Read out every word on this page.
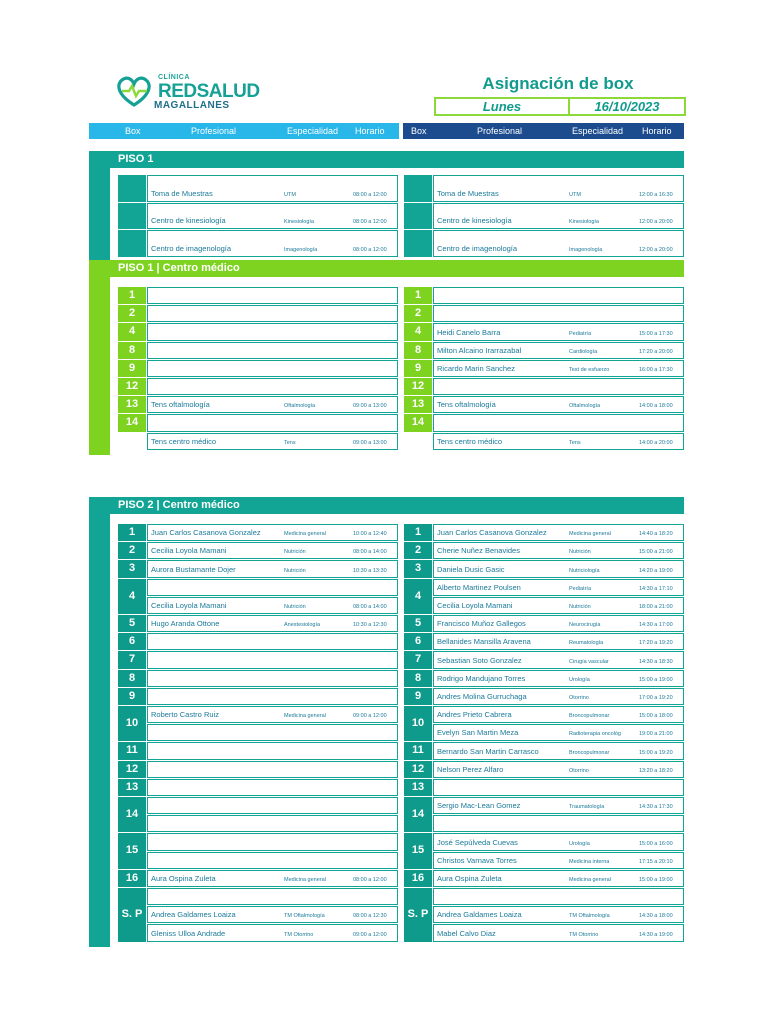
CLÍNICA
REDSALUD
MAGALLANES
Asignación de box
Lunes	16/10/2023
Box	Profesional	Especialidad Horario	Box	Profesional	Especialidad Horario
PISO 1
Toma de Muestras	UTM	08:00 a 12:00
Centro de kinesiología	Kinesiología	08:00 a 12:00
Centro de imagenología	Imagenología	08:00 a 12:00
Toma de Muestras	UTM	12:00 a 16:30
Centro de kinesiología	Kinesiología	12:00 a 20:00
Centro de imagenología	Imagenología	12:00 a 20:00
PISO 1 | Centro médico
1
2
4
8
9
12
13	Tens oftalmología	Oftalmología	09:00 a 13:00
14
Tens centro médico	Tens	09:00 a 13:00
1
2
4	Heidi Canelo Barra	Pediatría	15:00 a 17:30
8	Milton Alcaino Irarrazabal	Cardiología	17:20 a 20:00
9	Ricardo Marin Sanchez	Test de esfuerzo	16:00 a 17:30
12
13	Tens oftalmología	Oftalmología	14:00 a 18:00
14
Tens centro médico	Tens	14:00 a 20:00
PISO 2 | Centro médico
1	Juan Carlos Casanova Gonzalez	Medicina general	10:00 a 12:40
2	Cecilia Loyola Mamani	Nutrición	08:00 a 14:00
3	Aurora Bustamante Dojer	Nutrición	10:30 a 13:30
4
Cecilia Loyola Mamani	Nutrición	08:00 a 14:00
5	Hugo Aranda Ottone	Anestesiología	10:30 a 12:30
6
7
8
9
10
Roberto Castro Ruiz	Medicina general	09:00 a 12:00
11
12
13
14
15
16	Aura Ospina Zuleta	Medicina general	08:00 a 12:00
S. P	Andrea Galdames Loaiza	TM Oftalmología	08:00 a 12:30
Gleniss Ulloa Andrade	TM Otorrino	09:00 a 12:00
1	Juan Carlos Casanova Gonzalez	Medicina general	14:40 a 18:20
2	Cherie Nuñez Benavides	Nutrición	15:00 a 21:00
3	Daniela Dusic Gasic	Nutriciología	14:20 a 19:00
4
Alberto Martinez Poulsen	Pediatría	14:30 a 17:10
Cecilia Loyola Mamani	Nutrición	18:00 a 21:00
5	Francisco Muñoz Gallegos	Neurocirugía	14:30 a 17:00
6	Bellanides Mansilla Aravena	Reumatología	17:20 a 19:20
7	Sebastian Soto Gonzalez	Cirugía vascular	14:30 a 18:30
8	Rodrigo Mandujano Torres	Urología	15:00 a 19:00
9	Andres Molina Gurruchaga	Otorrino	17:00 a 19:20
10
Andres Prieto Cabrera	Broncopulmonar	15:00 a 18:00
Evelyn San Martin Meza	Radioterapia oncológ	19:00 a 21:00
11	Bernardo San Martin Carrasco	Broncopulmonar	15:00 a 19:20
12	Nelson Perez Alfaro	Otorrino	13:20 a 18:20
13
14
Sergio Mac-Lean Gomez	Traumatología	14:30 a 17:30
15
José Sepúlveda Cuevas	Urología	15:00 a 16:00
Christos Varnava Torres	Medicina interna	17:15 a 20:10
16	Aura Ospina Zuleta	Medicina general	15:00 a 19:00
S. P	Andrea Galdames Loaiza	TM Oftalmología	14:30 a 18:00
Mabel Calvo Diaz	TM Otorrino	14:30 a 19:00
